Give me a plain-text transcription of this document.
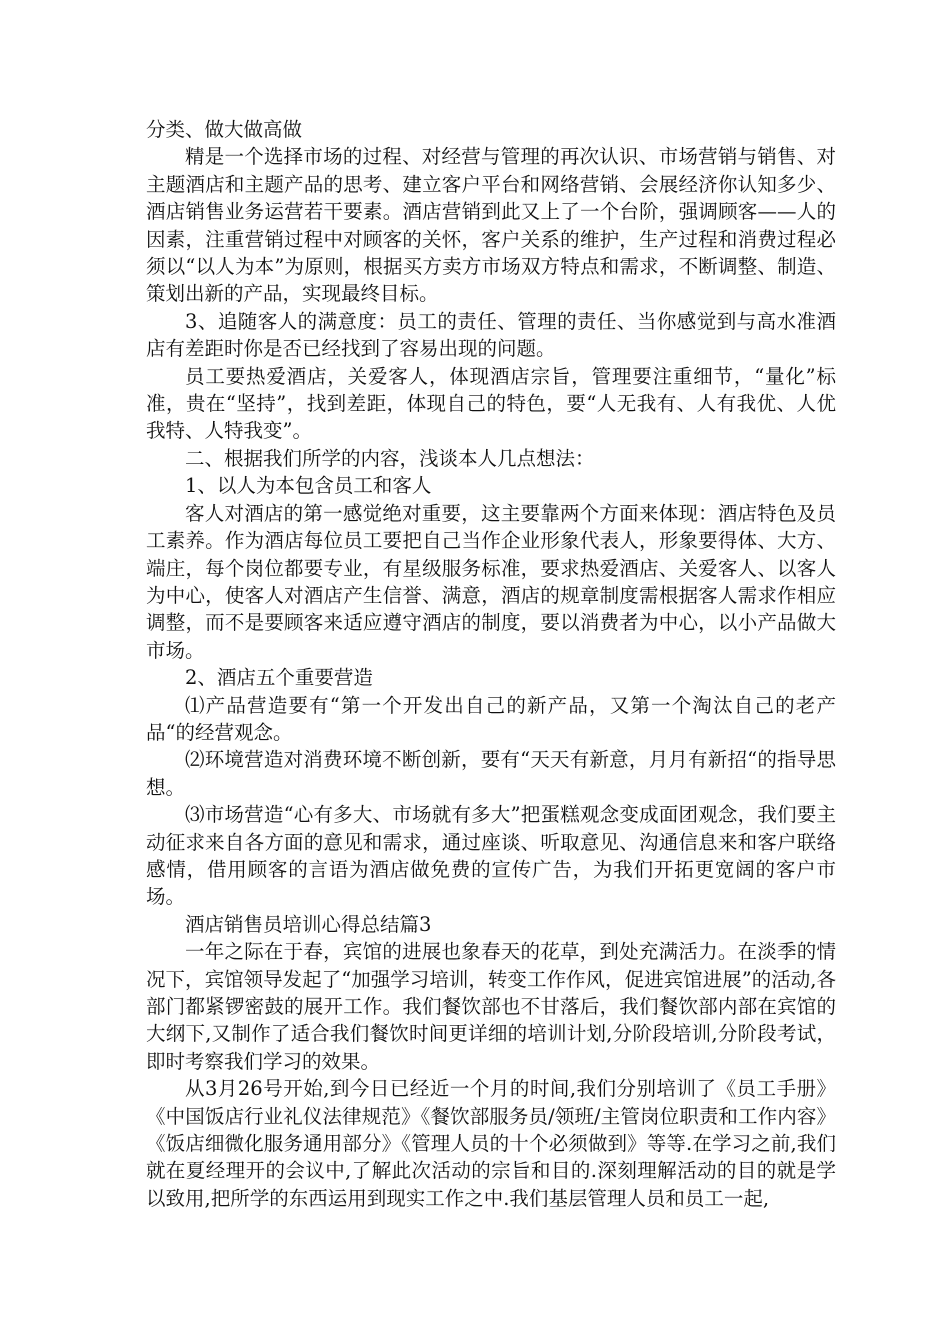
分类、做大做高做

精是一个选择市场的过程、对经营与管理的再次认识、市场营销与销售、对主题酒店和主题产品的思考、建立客户平台和网络营销、会展经济你认知多少、酒店销售业务运营若干要素。酒店营销到此又上了一个台阶，强调顾客——人的因素，注重营销过程中对顾客的关怀，客户关系的维护，生产过程和消费过程必须以“以人为本”为原则，根据买方卖方市场双方特点和需求，不断调整、制造、策划出新的产品，实现最终目标。

3、追随客人的满意度：员工的责任、管理的责任、当你感觉到与高水准酒店有差距时你是否已经找到了容易出现的问题。

员工要热爱酒店，关爱客人，体现酒店宗旨，管理要注重细节，“量化”标准，贵在“坚持”，找到差距，体现自己的特色，要“人无我有、人有我优、人优我特、人特我变”。

二、根据我们所学的内容，浅谈本人几点想法：

1、以人为本包含员工和客人

客人对酒店的第一感觉绝对重要，这主要靠两个方面来体现：酒店特色及员工素养。作为酒店每位员工要把自己当作企业形象代表人，形象要得体、大方、端庄，每个岗位都要专业，有星级服务标准，要求热爱酒店、关爱客人、以客人为中心，使客人对酒店产生信誉、满意，酒店的规章制度需根据客人需求作相应调整，而不是要顾客来适应遵守酒店的制度，要以消费者为中心，以小产品做大市场。

2、酒店五个重要营造

⑴产品营造要有“第一个开发出自己的新产品，又第一个淘汰自己的老产品“的经营观念。

⑵环境营造对消费环境不断创新，要有“天天有新意，月月有新招“的指导思想。

⑶市场营造“心有多大、市场就有多大”把蛋糕观念变成面团观念，我们要主动征求来自各方面的意见和需求，通过座谈、听取意见、沟通信息来和客户联络感情，借用顾客的言语为酒店做免费的宣传广告，为我们开拓更宽阔的客户市场。

酒店销售员培训心得总结篇3

一年之际在于春，宾馆的进展也象春天的花草，到处充满活力。在淡季的情况下，宾馆领导发起了“加强学习培训，转变工作作风，促进宾馆进展”的活动,各部门都紧锣密鼓的展开工作。我们餐饮部也不甘落后，我们餐饮部内部在宾馆的大纲下,又制作了适合我们餐饮时间更详细的培训计划,分阶段培训,分阶段考试，即时考察我们学习的效果。

从3月26号开始,到今日已经近一个月的时间,我们分别培训了《员工手册》《中国饭店行业礼仪法律规范》《餐饮部服务员/领班/主管岗位职责和工作内容》《饭店细微化服务通用部分》《管理人员的十个必须做到》等等.在学习之前,我们就在夏经理开的会议中,了解此次活动的宗旨和目的.深刻理解活动的目的就是学以致用,把所学的东西运用到现实工作之中.我们基层管理人员和员工一起,
